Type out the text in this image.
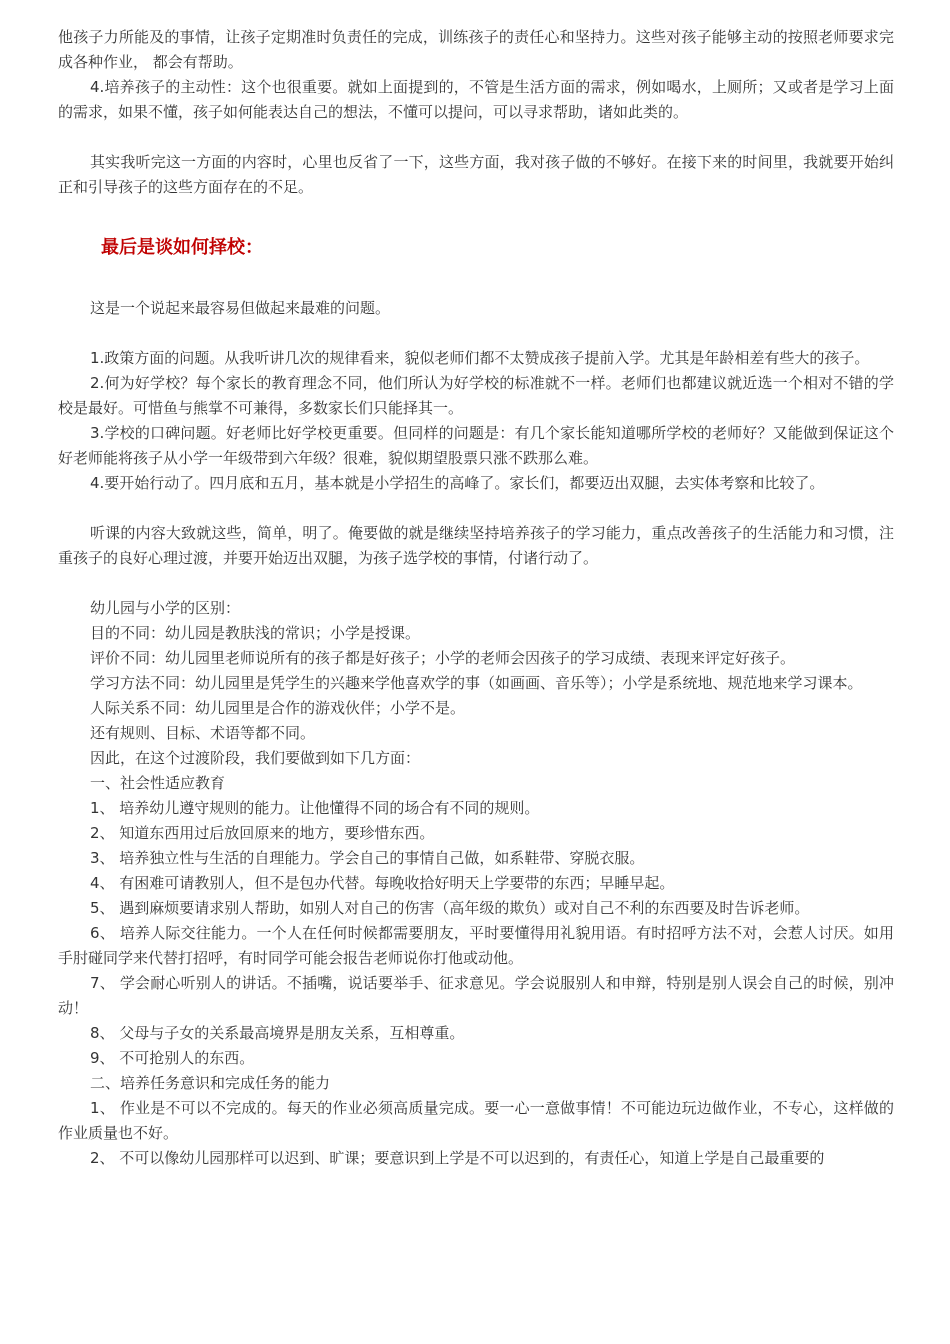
他孩子力所能及的事情，让孩子定期准时负责任的完成，训练孩子的责任心和坚持力。这些对孩子能够主动的按照老师要求完成各种作业， 都会有帮助。

4.培养孩子的主动性：这个也很重要。就如上面提到的，不管是生活方面的需求，例如喝水，上厕所；又或者是学习上面的需求，如果不懂，孩子如何能表达自己的想法，不懂可以提问，可以寻求帮助，诸如此类的。

其实我听完这一方面的内容时，心里也反省了一下，这些方面，我对孩子做的不够好。在接下来的时间里，我就要开始纠正和引导孩子的这些方面存在的不足。

最后是谈如何择校：

这是一个说起来最容易但做起来最难的问题。

1.政策方面的问题。从我听讲几次的规律看来，貌似老师们都不太赞成孩子提前入学。尤其是年龄相差有些大的孩子。

2.何为好学校？每个家长的教育理念不同，他们所认为好学校的标准就不一样。老师们也都建议就近选一个相对不错的学校是最好。可惜鱼与熊掌不可兼得，多数家长们只能择其一。

3.学校的口碑问题。好老师比好学校更重要。但同样的问题是：有几个家长能知道哪所学校的老师好？又能做到保证这个好老师能将孩子从小学一年级带到六年级？很难，貌似期望股票只涨不跌那么难。

4.要开始行动了。四月底和五月，基本就是小学招生的高峰了。家长们，都要迈出双腿，去实体考察和比较了。

听课的内容大致就这些，简单，明了。俺要做的就是继续坚持培养孩子的学习能力，重点改善孩子的生活能力和习惯，注重孩子的良好心理过渡，并要开始迈出双腿，为孩子选学校的事情，付诸行动了。

幼儿园与小学的区别：

目的不同：幼儿园是教肤浅的常识；小学是授课。

评价不同：幼儿园里老师说所有的孩子都是好孩子；小学的老师会因孩子的学习成绩、表现来评定好孩子。

学习方法不同：幼儿园里是凭学生的兴趣来学他喜欢学的事（如画画、音乐等）；小学是系统地、规范地来学习课本。

人际关系不同：幼儿园里是合作的游戏伙伴；小学不是。

还有规则、目标、术语等都不同。

因此，在这个过渡阶段，我们要做到如下几方面：

一、社会性适应教育

1、 培养幼儿遵守规则的能力。让他懂得不同的场合有不同的规则。

2、 知道东西用过后放回原来的地方，要珍惜东西。

3、 培养独立性与生活的自理能力。学会自己的事情自己做，如系鞋带、穿脱衣服。

4、 有困难可请教别人，但不是包办代替。每晚收拾好明天上学要带的东西；早睡早起。

5、 遇到麻烦要请求别人帮助，如别人对自己的伤害（高年级的欺负）或对自己不利的东西要及时告诉老师。

6、 培养人际交往能力。一个人在任何时候都需要朋友，平时要懂得用礼貌用语。有时招呼方法不对，会惹人讨厌。如用手肘碰同学来代替打招呼，有时同学可能会报告老师说你打他或动他。

7、 学会耐心听别人的讲话。不插嘴，说话要举手、征求意见。学会说服别人和申辩，特别是别人误会自己的时候，别冲动！

8、 父母与子女的关系最高境界是朋友关系，互相尊重。

9、 不可抢别人的东西。

二、培养任务意识和完成任务的能力

1、 作业是不可以不完成的。每天的作业必须高质量完成。要一心一意做事情！不可能边玩边做作业，不专心，这样做的作业质量也不好。

2、 不可以像幼儿园那样可以迟到、旷课；要意识到上学是不可以迟到的，有责任心，知道上学是自己最重要的
